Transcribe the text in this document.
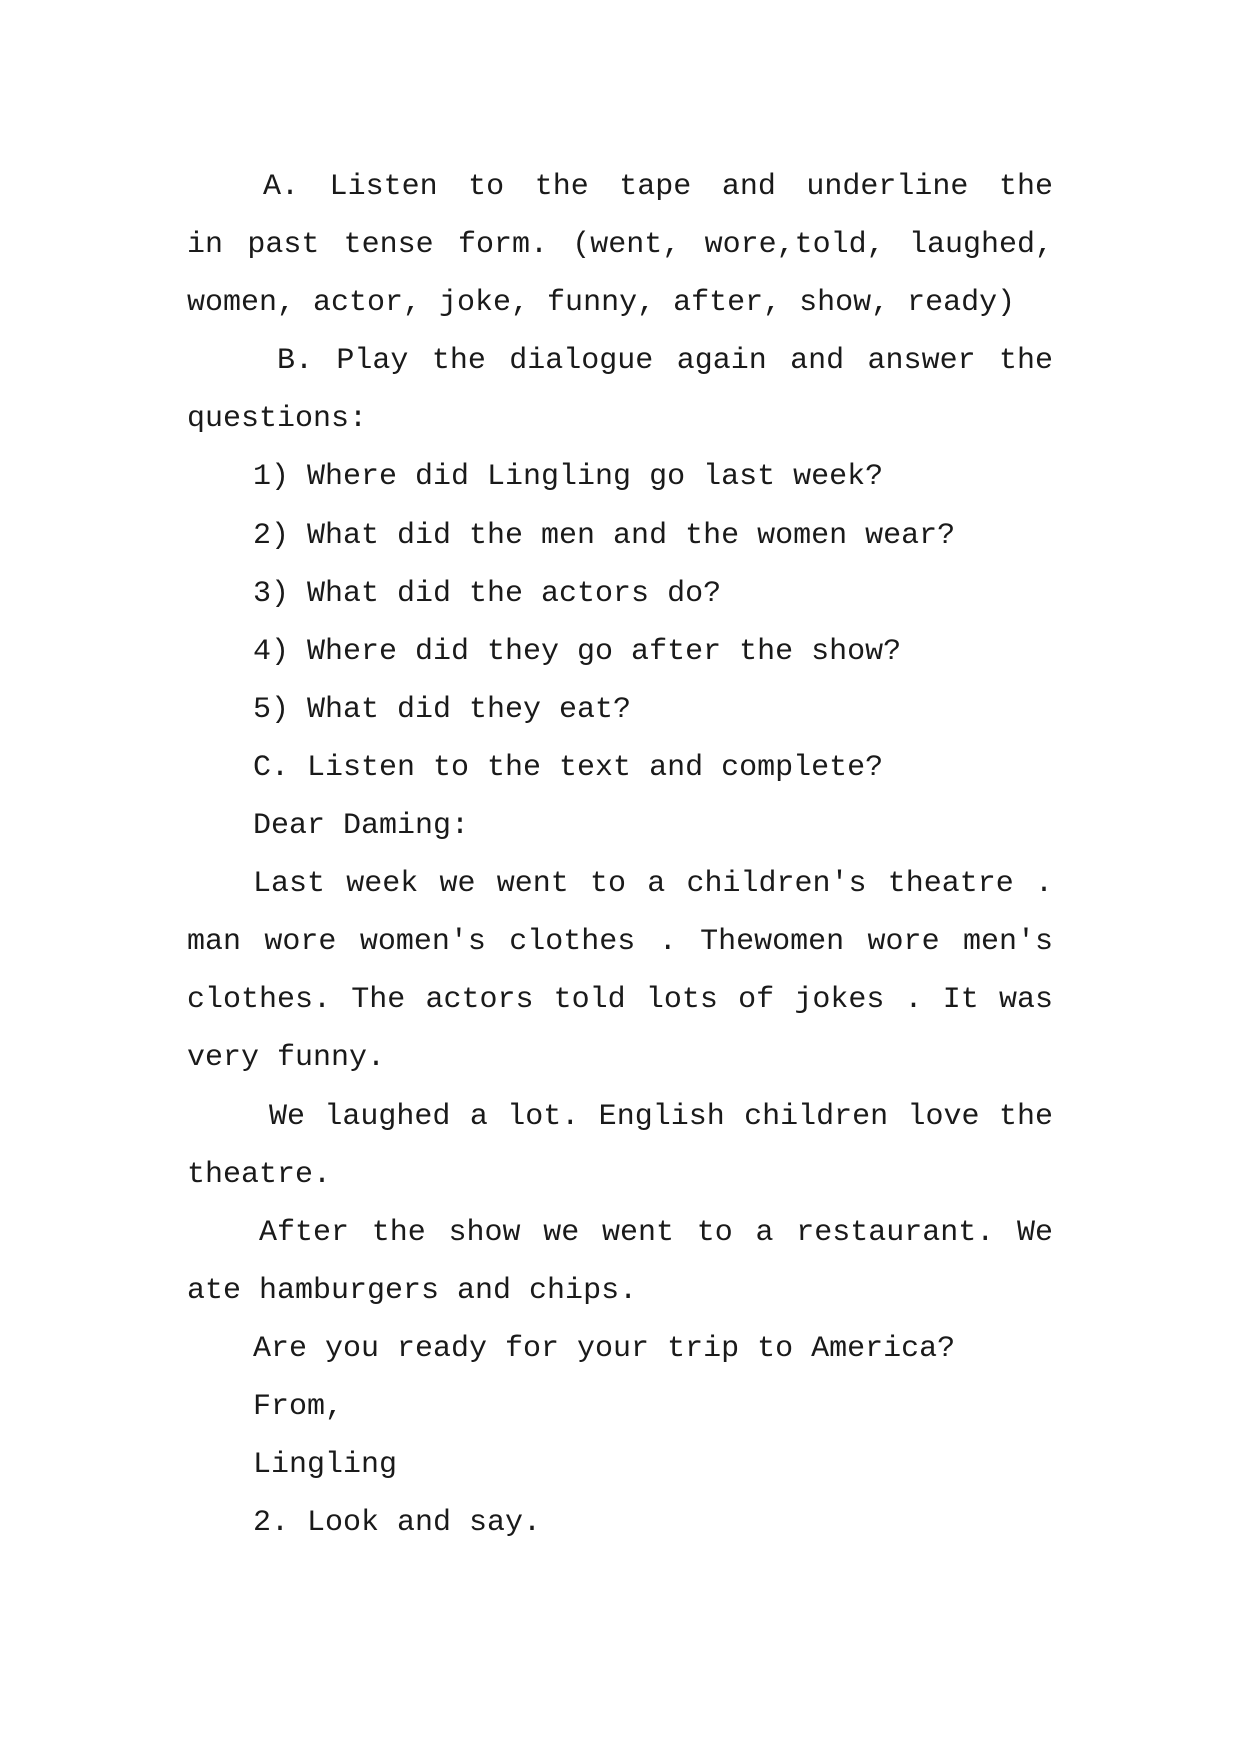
A. Listen to the tape and underline the
in past tense form. (went, wore,told, laughed,
women, actor, joke, funny, after, show, ready)
B. Play the dialogue again and answer the
questions:
1) Where did Lingling go last week?
2) What did the men and the women wear?
3) What did the actors do?
4) Where did they go after the show?
5) What did they eat?
C. Listen to the text and complete?
Dear Daming:
Last week we went to a children's theatre .
man wore women's clothes . Thewomen wore men's
clothes. The actors told lots of jokes . It was
very funny.
We laughed a lot. English children love the
theatre.
After the show we went to a restaurant. We
ate hamburgers and chips.
Are you ready for your trip to America?
From,
Lingling
2. Look and say.
